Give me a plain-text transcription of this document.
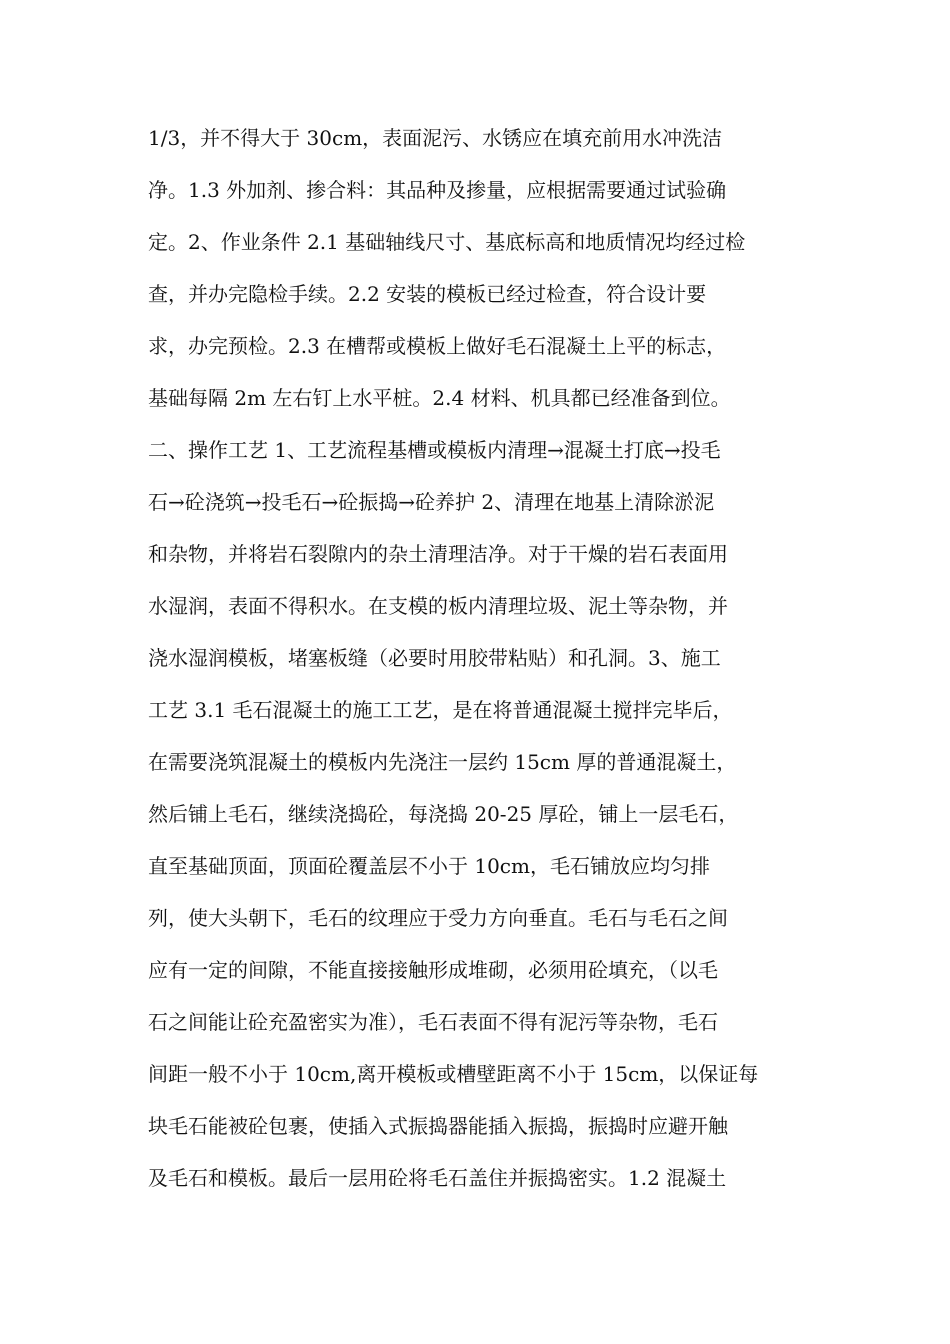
1/3，并不得大于 30cm，表面泥污、水锈应在填充前用水冲洗洁
净。1.3 外加剂、掺合料：其品种及掺量，应根据需要通过试验确
定。2、作业条件 2.1 基础轴线尺寸、基底标高和地质情况均经过检
查，并办完隐检手续。2.2 安装的模板已经过检查，符合设计要
求，办完预检。2.3 在槽帮或模板上做好毛石混凝土上平的标志，
基础每隔 2m 左右钉上水平桩。2.4 材料、机具都已经准备到位。
二、操作工艺 1、工艺流程基槽或模板内清理→混凝土打底→投毛
石→砼浇筑→投毛石→砼振捣→砼养护 2、清理在地基上清除淤泥
和杂物，并将岩石裂隙内的杂土清理洁净。对于干燥的岩石表面用
水湿润，表面不得积水。在支模的板内清理垃圾、泥土等杂物，并
浇水湿润模板，堵塞板缝（必要时用胶带粘贴）和孔洞。3、施工
工艺 3.1 毛石混凝土的施工工艺，是在将普通混凝土搅拌完毕后，
在需要浇筑混凝土的模板内先浇注一层约 15cm 厚的普通混凝土，
然后铺上毛石，继续浇捣砼，每浇捣 20-25 厚砼，铺上一层毛石，
直至基础顶面，顶面砼覆盖层不小于 10cm，毛石铺放应均匀排
列，使大头朝下，毛石的纹理应于受力方向垂直。毛石与毛石之间
应有一定的间隙，不能直接接触形成堆砌，必须用砼填充，（以毛
石之间能让砼充盈密实为准），毛石表面不得有泥污等杂物，毛石
间距一般不小于 10cm,离开模板或槽壁距离不小于 15cm，以保证每
块毛石能被砼包裹，使插入式振捣器能插入振捣，振捣时应避开触
及毛石和模板。最后一层用砼将毛石盖住并振捣密实。1.2 混凝土
